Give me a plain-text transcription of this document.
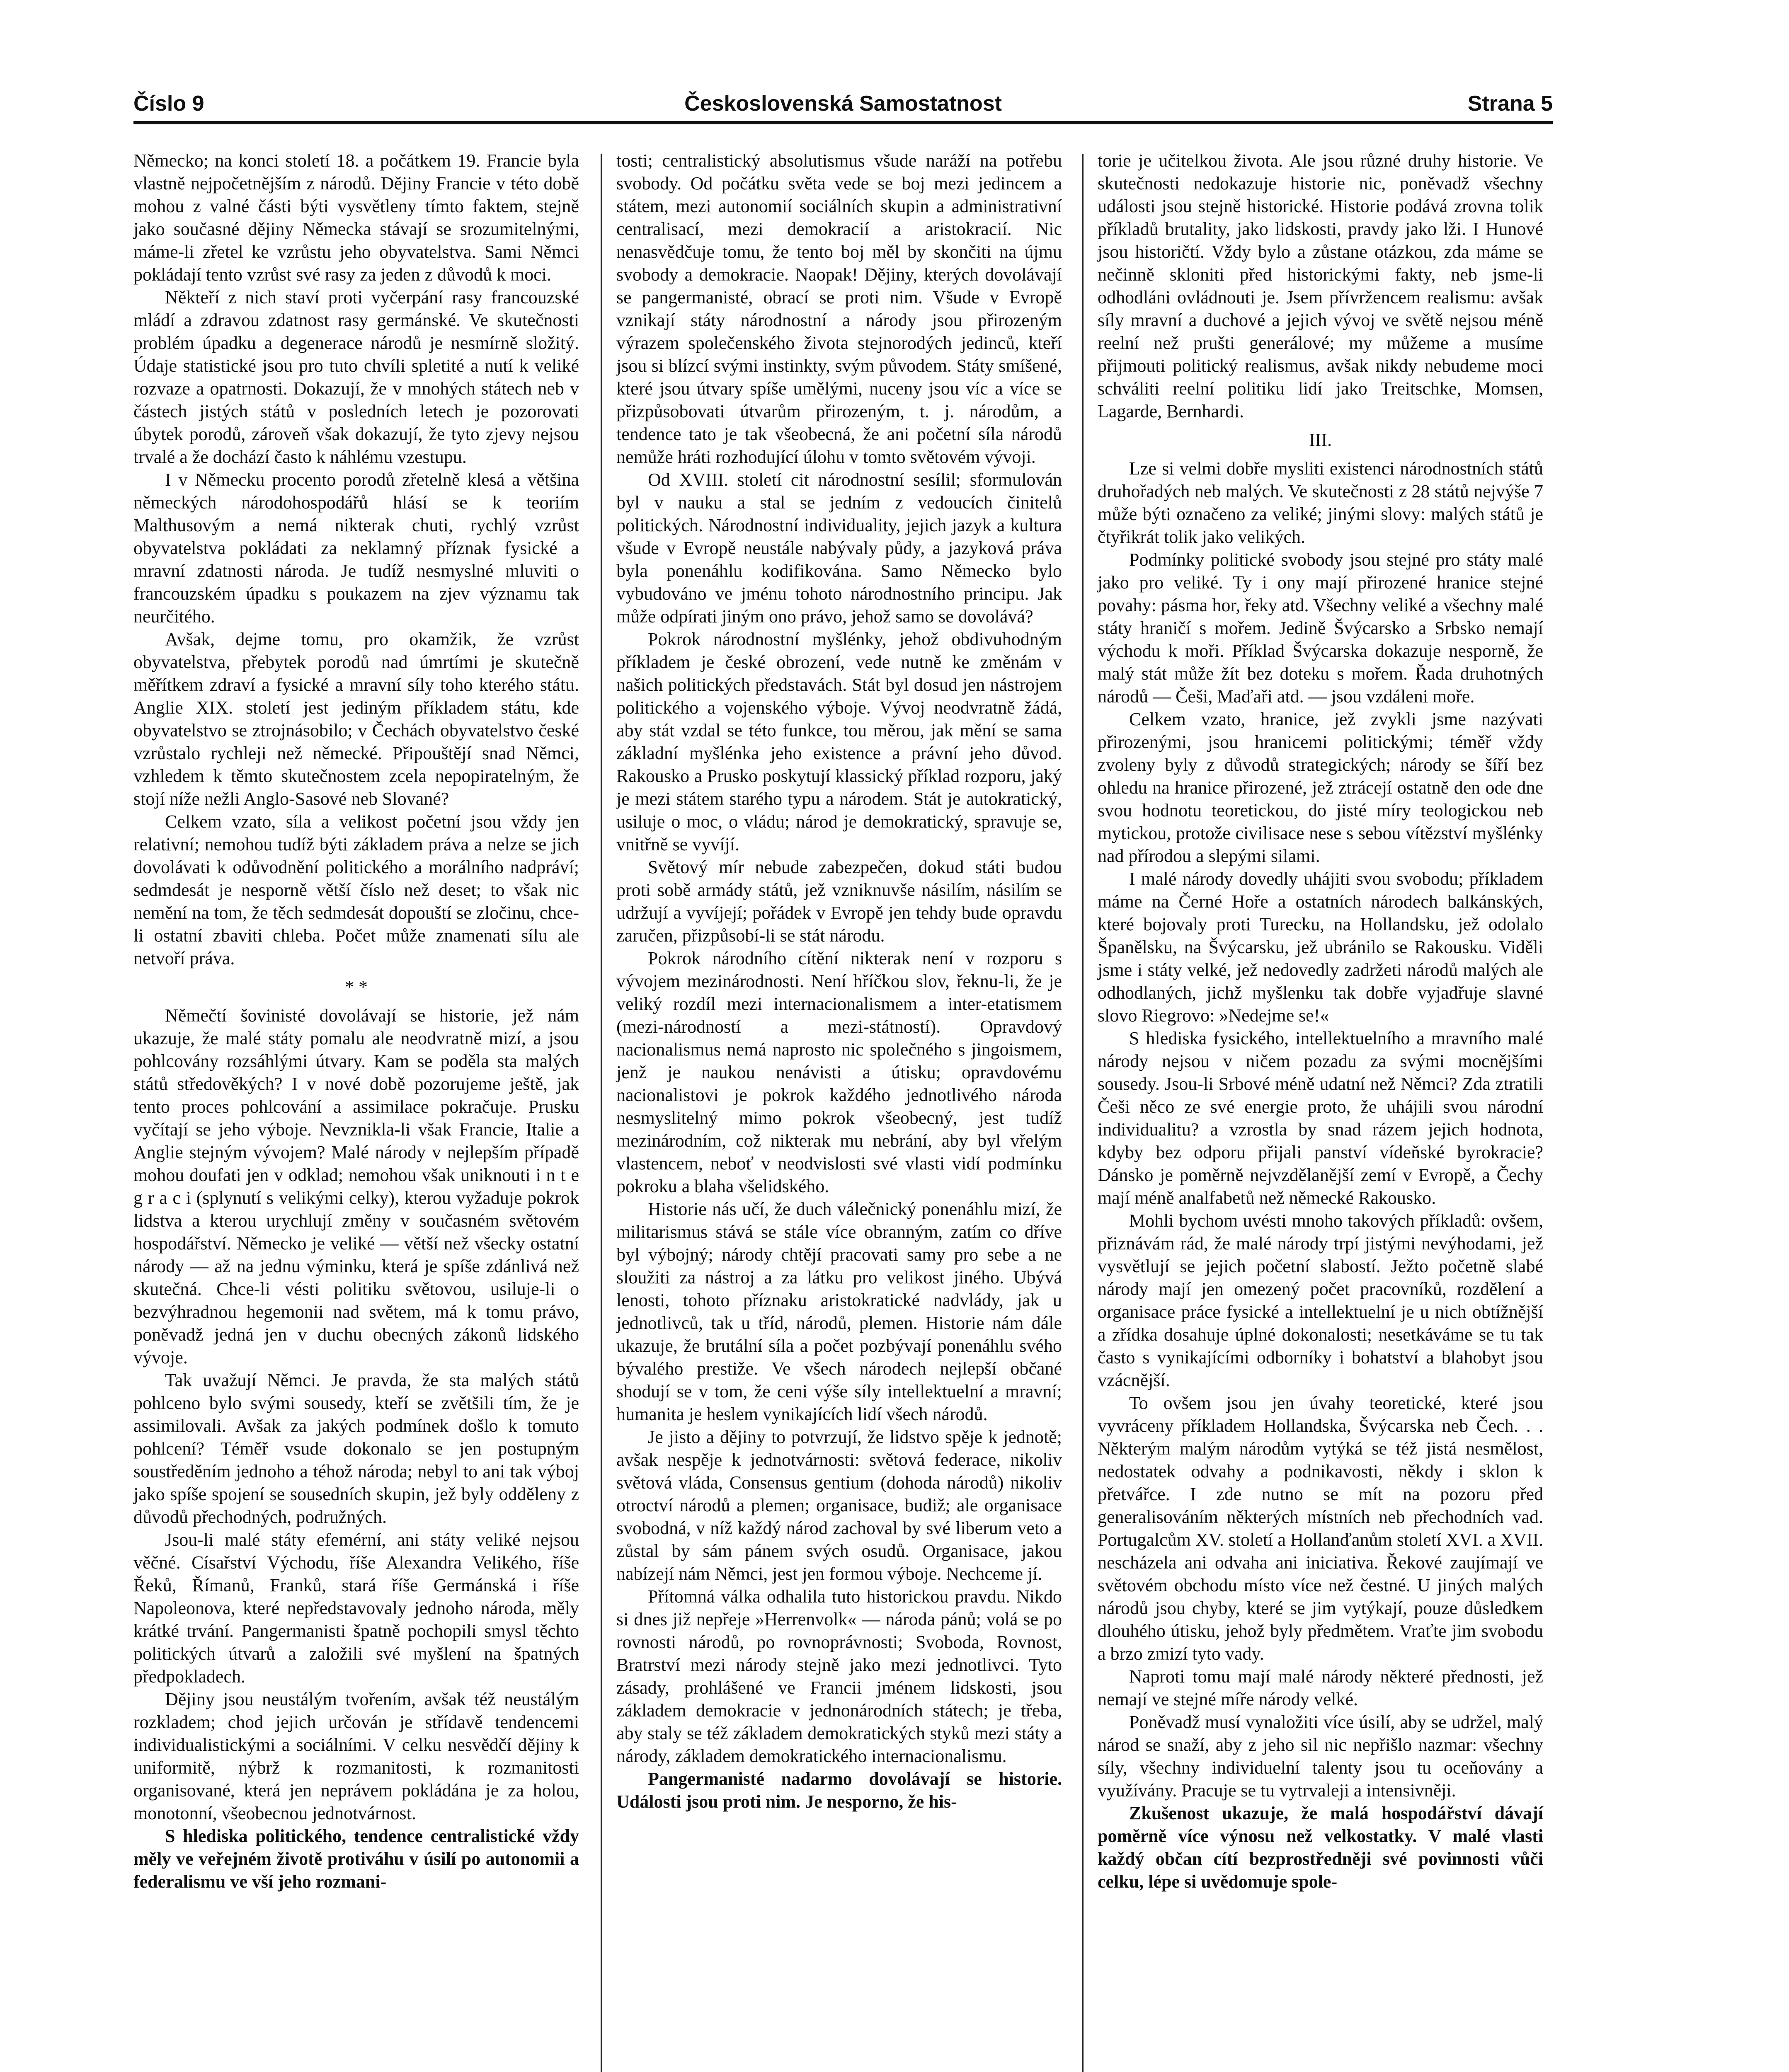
Číslo 9	Československá Samostatnost	Strana 5

Německo; na konci století 18. a počátkem 19. Francie byla vlastně nejpočetnějším z národů. Dějiny Francie v této době mohou z valné části býti vysvětleny tímto faktem, stejně jako současné dějiny Německa stávají se srozumitelnými, máme-li zřetel ke vzrůstu jeho obyvatelstva. Sami Němci pokládají tento vzrůst své rasy za jeden z důvodů k moci.

Někteří z nich staví proti vyčerpání rasy francouzské mládí a zdravou zdatnost rasy germánské. Ve skutečnosti problém úpadku a degenerace národů je nesmírně složitý. Údaje statistické jsou pro tuto chvíli spletité a nutí k veliké rozvaze a opatrnosti. Dokazují, že v mnohých státech neb v částech jistých států v posledních letech je pozorovati úbytek porodů, zároveň však dokazují, že tyto zjevy nejsou trvalé a že dochází často k náhlému vzestupu.

I v Německu procento porodů zřetelně klesá a většina německých národohospodářů hlásí se k teoriím Malthusovým a nemá nikterak chuti, rychlý vzrůst obyvatelstva pokládati za neklamný příznak fysické a mravní zdatnosti národa. Je tudíž nesmyslné mluviti o francouzském úpadku s poukazem na zjev významu tak neurčitého.

Avšak, dejme tomu, pro okamžik, že vzrůst obyvatelstva, přebytek porodů nad úmrtími je skutečně měřítkem zdraví a fysické a mravní síly toho kterého státu. Anglie XIX. století jest jediným příkladem státu, kde obyvatelstvo se ztrojnásobilo; v Čechách obyvatelstvo české vzrůstalo rychleji než německé. Připouštějí snad Němci, vzhledem k těmto skutečnostem zcela nepopiratelným, že stojí níže nežli Anglo-Sasové neb Slované?

Celkem vzato, síla a velikost početní jsou vždy jen relativní; nemohou tudíž býti základem práva a nelze se jich dovolávati k odůvodnění politického a morálního nadpráví; sedmdesát je nesporně větší číslo než deset; to však nic nemění na tom, že těch sedmdesát dopouští se zločinu, chce-li ostatní zbaviti chleba. Počet může znamenati sílu ale netvoří práva.

* *

Němečtí šovinisté dovolávají se historie, jež nám ukazuje, že malé státy pomalu ale neodvratně mizí, a jsou pohlcovány rozsáhlými útvary. Kam se poděla sta malých států středověkých? I v nové době pozorujeme ještě, jak tento proces pohlcování a assimilace pokračuje. Prusku vyčítají se jeho výboje. Nevznikla-li však Francie, Italie a Anglie stejným vývojem? Malé národy v nejlepším případě mohou doufati jen v odklad; nemohou však uniknouti i n t e g r a c i (splynutí s velikými celky), kterou vyžaduje pokrok lidstva a kterou urychlují změny v současném světovém hospodářství. Německo je veliké — větší než všecky ostatní národy — až na jednu výminku, která je spíše zdánlivá než skutečná. Chce-li vésti politiku světovou, usiluje-li o bezvýhradnou hegemonii nad světem, má k tomu právo, poněvadž jedná jen v duchu obecných zákonů lidského vývoje.

Tak uvažují Němci. Je pravda, že sta malých států pohlceno bylo svými sousedy, kteří se zvětšili tím, že je assimilovali. Avšak za jakých podmínek došlo k tomuto pohlcení? Téměř vsude dokonalo se jen postupným soustředěním jednoho a téhož národa; nebyl to ani tak výboj jako spíše spojení se sousedních skupin, jež byly odděleny z důvodů přechodných, podružných.

Jsou-li malé státy efemérní, ani státy veliké nejsou věčné. Císařství Východu, říše Alexandra Velikého, říše Řeků, Římanů, Franků, stará říše Germánská i říše Napoleonova, které nepředstavovaly jednoho národa, měly krátké trvání. Pangermanisti špatně pochopili smysl těchto politických útvarů a založili své myšlení na špatných předpokladech.

Dějiny jsou neustálým tvořením, avšak též neustálým rozkladem; chod jejich určován je střídavě tendencemi individualistickými a sociálními. V celku nesvědčí dějiny k uniformitě, nýbrž k rozmanitosti, k rozmanitosti organisované, která jen neprávem pokládána je za holou, monotonní, všeobecnou jednotvárnost.

S hlediska politického, tendence centralistické vždy měly ve veřejném životě protiváhu v úsilí po autonomii a federalismu ve vší jeho rozmani-

tosti; centralistický absolutismus všude naráží na potřebu svobody. Od počátku světa vede se boj mezi jedincem a státem, mezi autonomií sociálních skupin a administrativní centralisací, mezi demokracií a aristokracií. Nic nenasvědčuje tomu, že tento boj měl by skončiti na újmu svobody a demokracie. Naopak! Dějiny, kterých dovolávají se pangermanisté, obrací se proti nim. Všude v Evropě vznikají státy národnostní a národy jsou přirozeným výrazem společenského života stejnorodých jedinců, kteří jsou si blízcí svými instinkty, svým původem. Státy smíšené, které jsou útvary spíše umělými, nuceny jsou víc a více se přizpůsobovati útvarům přirozeným, t. j. národům, a tendence tato je tak všeobecná, že ani početní síla národů nemůže hráti rozhodující úlohu v tomto světovém vývoji.

Od XVIII. století cit národnostní sesílil; sformulován byl v nauku a stal se jedním z vedoucích činitelů politických. Národnostní individuality, jejich jazyk a kultura všude v Evropě neustále nabývaly půdy, a jazyková práva byla ponenáhlu kodifikována. Samo Německo bylo vybudováno ve jménu tohoto národnostního principu. Jak může odpírati jiným ono právo, jehož samo se dovolává?

Pokrok národnostní myšlénky, jehož obdivuhodným příkladem je české obrození, vede nutně ke změnám v našich politických představách. Stát byl dosud jen nástrojem politického a vojenského výboje. Vývoj neodvratně žádá, aby stát vzdal se této funkce, tou měrou, jak mění se sama základní myšlénka jeho existence a právní jeho důvod. Rakousko a Prusko poskytují klassický příklad rozporu, jaký je mezi státem starého typu a národem. Stát je autokratický, usiluje o moc, o vládu; národ je demokratický, spravuje se, vnitřně se vyvíjí.

Světový mír nebude zabezpečen, dokud státi budou proti sobě armády států, jež vzniknuvše násilím, násilím se udržují a vyvíjejí; pořádek v Evropě jen tehdy bude opravdu zaručen, přizpůsobí-li se stát národu.

Pokrok národního cítění nikterak není v rozporu s vývojem mezinárodnosti. Není hříčkou slov, řeknu-li, že je veliký rozdíl mezi internacionalismem a inter-etatismem (mezi-národností a mezi-státností). Opravdový nacionalismus nemá naprosto nic společného s jingoismem, jenž je naukou nenávisti a útisku; opravdovému nacionalistovi je pokrok každého jednotlivého národa nesmyslitelný mimo pokrok všeobecný, jest tudíž mezinárodním, což nikterak mu nebrání, aby byl vřelým vlastencem, neboť v neodvislosti své vlasti vidí podmínku pokroku a blaha všelidského.

Historie nás učí, že duch válečnický ponenáhlu mizí, že militarismus stává se stále více obranným, zatím co dříve byl výbojný; národy chtějí pracovati samy pro sebe a ne sloužiti za nástroj a za látku pro velikost jiného. Ubývá lenosti, tohoto příznaku aristokratické nadvlády, jak u jednotlivců, tak u tříd, národů, plemen. Historie nám dále ukazuje, že brutální síla a počet pozbývají ponenáhlu svého bývalého prestiže. Ve všech národech nejlepší občané shodují se v tom, že ceni výše síly intellektuelní a mravní; humanita je heslem vynikajících lidí všech národů.

Je jisto a dějiny to potvrzují, že lidstvo spěje k jednotě; avšak nespěje k jednotvárnosti: světová federace, nikoliv světová vláda, Consensus gentium (dohoda národů) nikoliv otroctví národů a plemen; organisace, budiž; ale organisace svobodná, v níž každý národ zachoval by své liberum veto a zůstal by sám pánem svých osudů. Organisace, jakou nabízejí nám Němci, jest jen formou výboje. Nechceme jí.

Přítomná válka odhalila tuto historickou pravdu. Nikdo si dnes již nepřeje »Herrenvolk« — národa pánů; volá se po rovnosti národů, po rovnoprávnosti; Svoboda, Rovnost, Bratrství mezi národy stejně jako mezi jednotlivci. Tyto zásady, prohlášené ve Francii jménem lidskosti, jsou základem demokracie v jednonárodních státech; je třeba, aby staly se též základem demokratických styků mezi státy a národy, základem demokratického internacionalismu.

Pangermanisté nadarmo dovolávají se historie. Události jsou proti nim. Je nesporno, že his-

torie je učitelkou života. Ale jsou různé druhy historie. Ve skutečnosti nedokazuje historie nic, poněvadž všechny události jsou stejně historické. Historie podává zrovna tolik příkladů brutality, jako lidskosti, pravdy jako lži. I Hunové jsou historičtí. Vždy bylo a zůstane otázkou, zda máme se nečinně skloniti před historickými fakty, neb jsme-li odhodláni ovládnouti je. Jsem přívržencem realismu: avšak síly mravní a duchové a jejich vývoj ve světě nejsou méně reelní než prušti generálové; my můžeme a musíme přijmouti politický realismus, avšak nikdy nebudeme moci schváliti reelní politiku lidí jako Treitschke, Momsen, Lagarde, Bernhardi.

III.

Lze si velmi dobře mysliti existenci národnostních států druhořadých neb malých. Ve skutečnosti z 28 států nejvýše 7 může býti označeno za veliké; jinými slovy: malých států je čtyřikrát tolik jako velikých.

Podmínky politické svobody jsou stejné pro státy malé jako pro veliké. Ty i ony mají přirozené hranice stejné povahy: pásma hor, řeky atd. Všechny veliké a všechny malé státy hraničí s mořem. Jedině Švýcarsko a Srbsko nemají východu k moři. Příklad Švýcarska dokazuje nesporně, že malý stát může žít bez doteku s mořem. Řada druhotných národů — Češi, Maďaři atd. — jsou vzdáleni moře.

Celkem vzato, hranice, jež zvykli jsme nazývati přirozenými, jsou hranicemi politickými; téměř vždy zvoleny byly z důvodů strategických; národy se šíří bez ohledu na hranice přirozené, jež ztrácejí ostatně den ode dne svou hodnotu teoretickou, do jisté míry teologickou neb mytickou, protože civilisace nese s sebou vítězství myšlénky nad přírodou a slepými silami.

I malé národy dovedly uhájiti svou svobodu; příkladem máme na Černé Hoře a ostatních národech balkánských, které bojovaly proti Turecku, na Hollandsku, jež odolalo Španělsku, na Švýcarsku, jež ubránilo se Rakousku. Viděli jsme i státy velké, jež nedovedly zadržeti národů malých ale odhodlaných, jichž myšlenku tak dobře vyjadřuje slavné slovo Riegrovo: »Nedejme se!«

S hlediska fysického, intellektuelního a mravního malé národy nejsou v ničem pozadu za svými mocnějšími sousedy. Jsou-li Srbové méně udatní než Němci? Zda ztratili Češi něco ze své energie proto, že uhájili svou národní individualitu? a vzrostla by snad rázem jejich hodnota, kdyby bez odporu přijali panství vídeňské byrokracie? Dánsko je poměrně nejvzdělanější zemí v Evropě, a Čechy mají méně analfabetů než německé Rakousko.

Mohli bychom uvésti mnoho takových příkladů: ovšem, přiznávám rád, že malé národy trpí jistými nevýhodami, jež vysvětlují se jejich početní slabostí. Ježto početně slabé národy mají jen omezený počet pracovníků, rozdělení a organisace práce fysické a intellektuelní je u nich obtížnější a zřídka dosahuje úplné dokonalosti; nesetkáváme se tu tak často s vynikajícími odborníky i bohatství a blahobyt jsou vzácnější.

To ovšem jsou jen úvahy teoretické, které jsou vyvráceny příkladem Hollandska, Švýcarska neb Čech. . . Některým malým národům vytýká se též jistá nesmělost, nedostatek odvahy a podnikavosti, někdy i sklon k přetvářce. I zde nutno se mít na pozoru před generalisováním některých místních neb přechodních vad. Portugalcům XV. století a Hollanďanům století XVI. a XVII. nescházela ani odvaha ani iniciativa. Řekové zaujímají ve světovém obchodu místo více než čestné. U jiných malých národů jsou chyby, které se jim vytýkají, pouze důsledkem dlouhého útisku, jehož byly předmětem. Vraťte jim svobodu a brzo zmizí tyto vady.

Naproti tomu mají malé národy některé přednosti, jež nemají ve stejné míře národy velké.

Poněvadž musí vynaložiti více úsilí, aby se udržel, malý národ se snaží, aby z jeho sil nic nepřišlo nazmar: všechny síly, všechny individuelní talenty jsou tu oceňovány a využívány. Pracuje se tu vytrvaleji a intensivněji.

Zkušenost ukazuje, že malá hospodářství dávají poměrně více výnosu než velkostatky. V malé vlasti každý občan cítí bezprostředněji své povinnosti vůči celku, lépe si uvědomuje spole-
